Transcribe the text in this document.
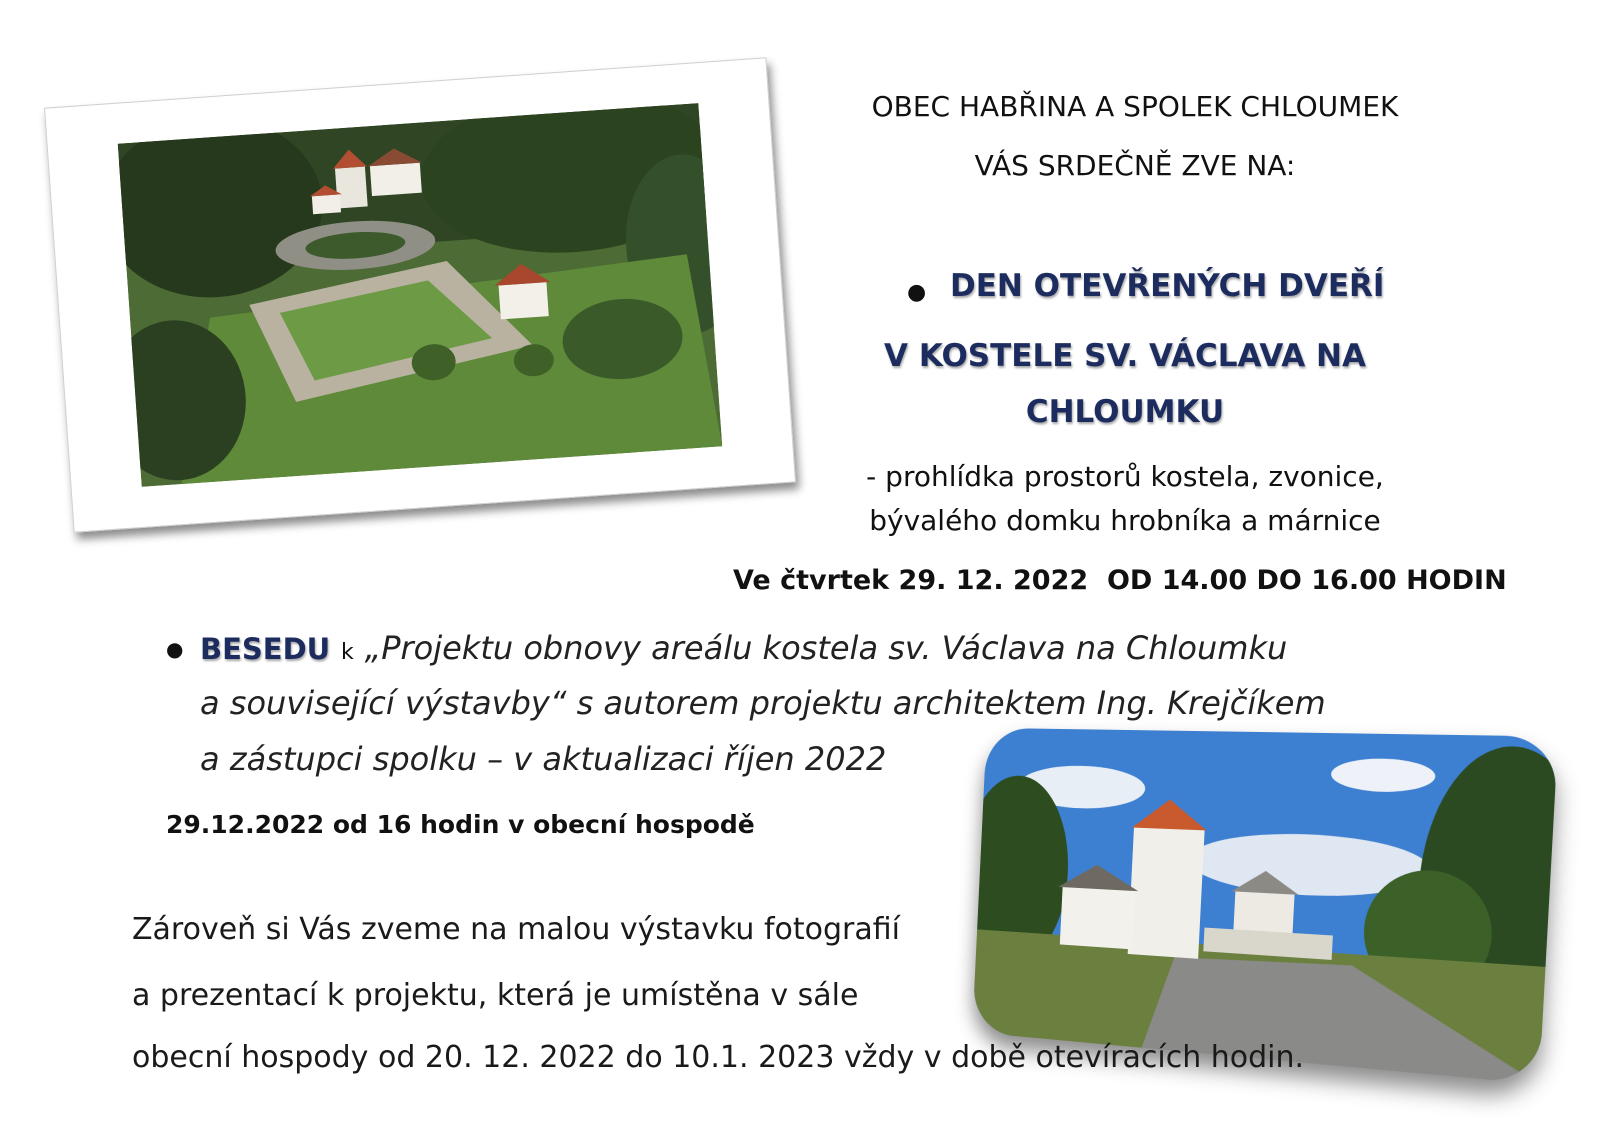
OBEC HABŘINA A SPOLEK CHLOUMEK
VÁS SRDEČNĚ ZVE NA:
● DEN OTEVŘENÝCH DVEŘÍ
V KOSTELE SV. VÁCLAVA NA
CHLOUMKU
- prohlídka prostorů kostela, zvonice,
bývalého domku hrobníka a márnice
Ve čtvrtek 29. 12. 2022  OD 14.00 DO 16.00 HODIN
● BESEDU k „Projektu obnovy areálu kostela sv. Václava na Chloumku
a související výstavby“ s autorem projektu architektem Ing. Krejčíkem
a zástupci spolku – v aktualizaci říjen 2022
29.12.2022 od 16 hodin v obecní hospodě
Zároveň si Vás zveme na malou výstavku fotografií
a prezentací k projektu, která je umístěna v sále
obecní hospody od 20. 12. 2022 do 10.1. 2023 vždy v době otevíracích hodin.
